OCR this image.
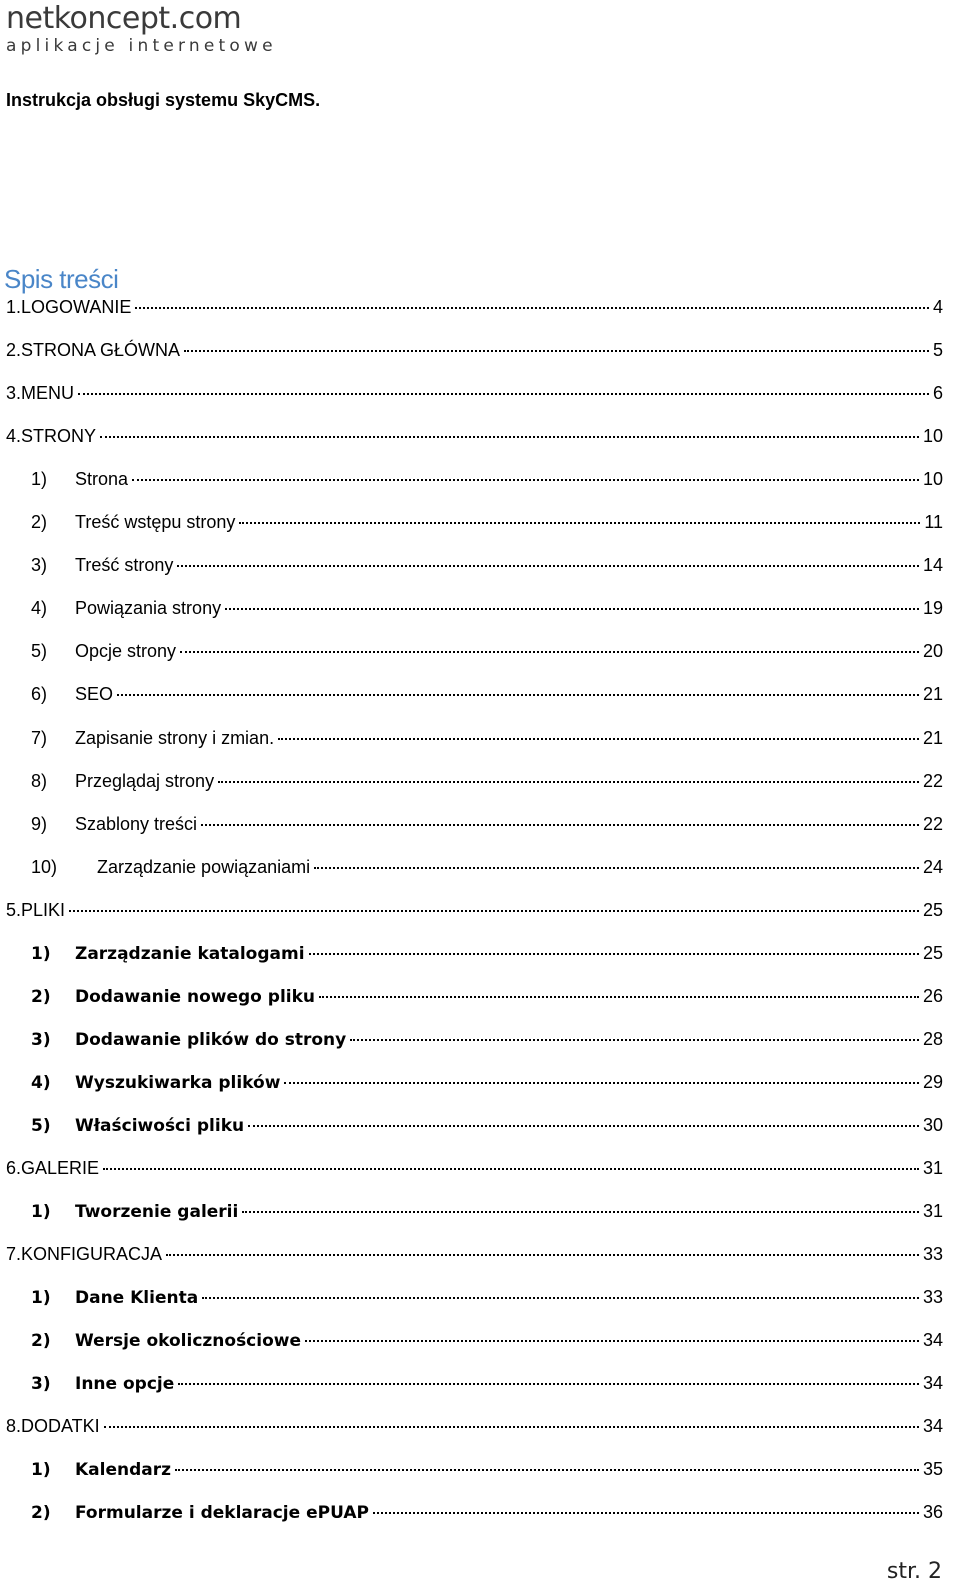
netkoncept.com
aplikacje internetowe
Instrukcja obsługi systemu SkyCMS.
Spis treści
1. LOGOWANIE	4
2. STRONA GŁÓWNA	5
3. MENU	6
4. STRONY	10
1)	Strona	10
2)	Treść wstępu strony	11
3)	Treść strony	14
4)	Powiązania strony	19
5)	Opcje strony	20
6)	SEO	21
7)	Zapisanie strony i zmian.	21
8)	Przeglądaj strony	22
9)	Szablony treści	22
10)	Zarządzanie powiązaniami	24
5. PLIKI	25
1)	Zarządzanie katalogami	25
2)	Dodawanie nowego pliku	26
3)	Dodawanie plików do strony	28
4)	Wyszukiwarka plików	29
5)	Właściwości pliku	30
6. GALERIE	31
1)	Tworzenie galerii	31
7. KONFIGURACJA	33
1)	Dane Klienta	33
2)	Wersje okolicznościowe	34
3)	Inne opcje	34
8. DODATKI	34
1)	Kalendarz	35
2)	Formularze i deklaracje ePUAP	36
str. 2
